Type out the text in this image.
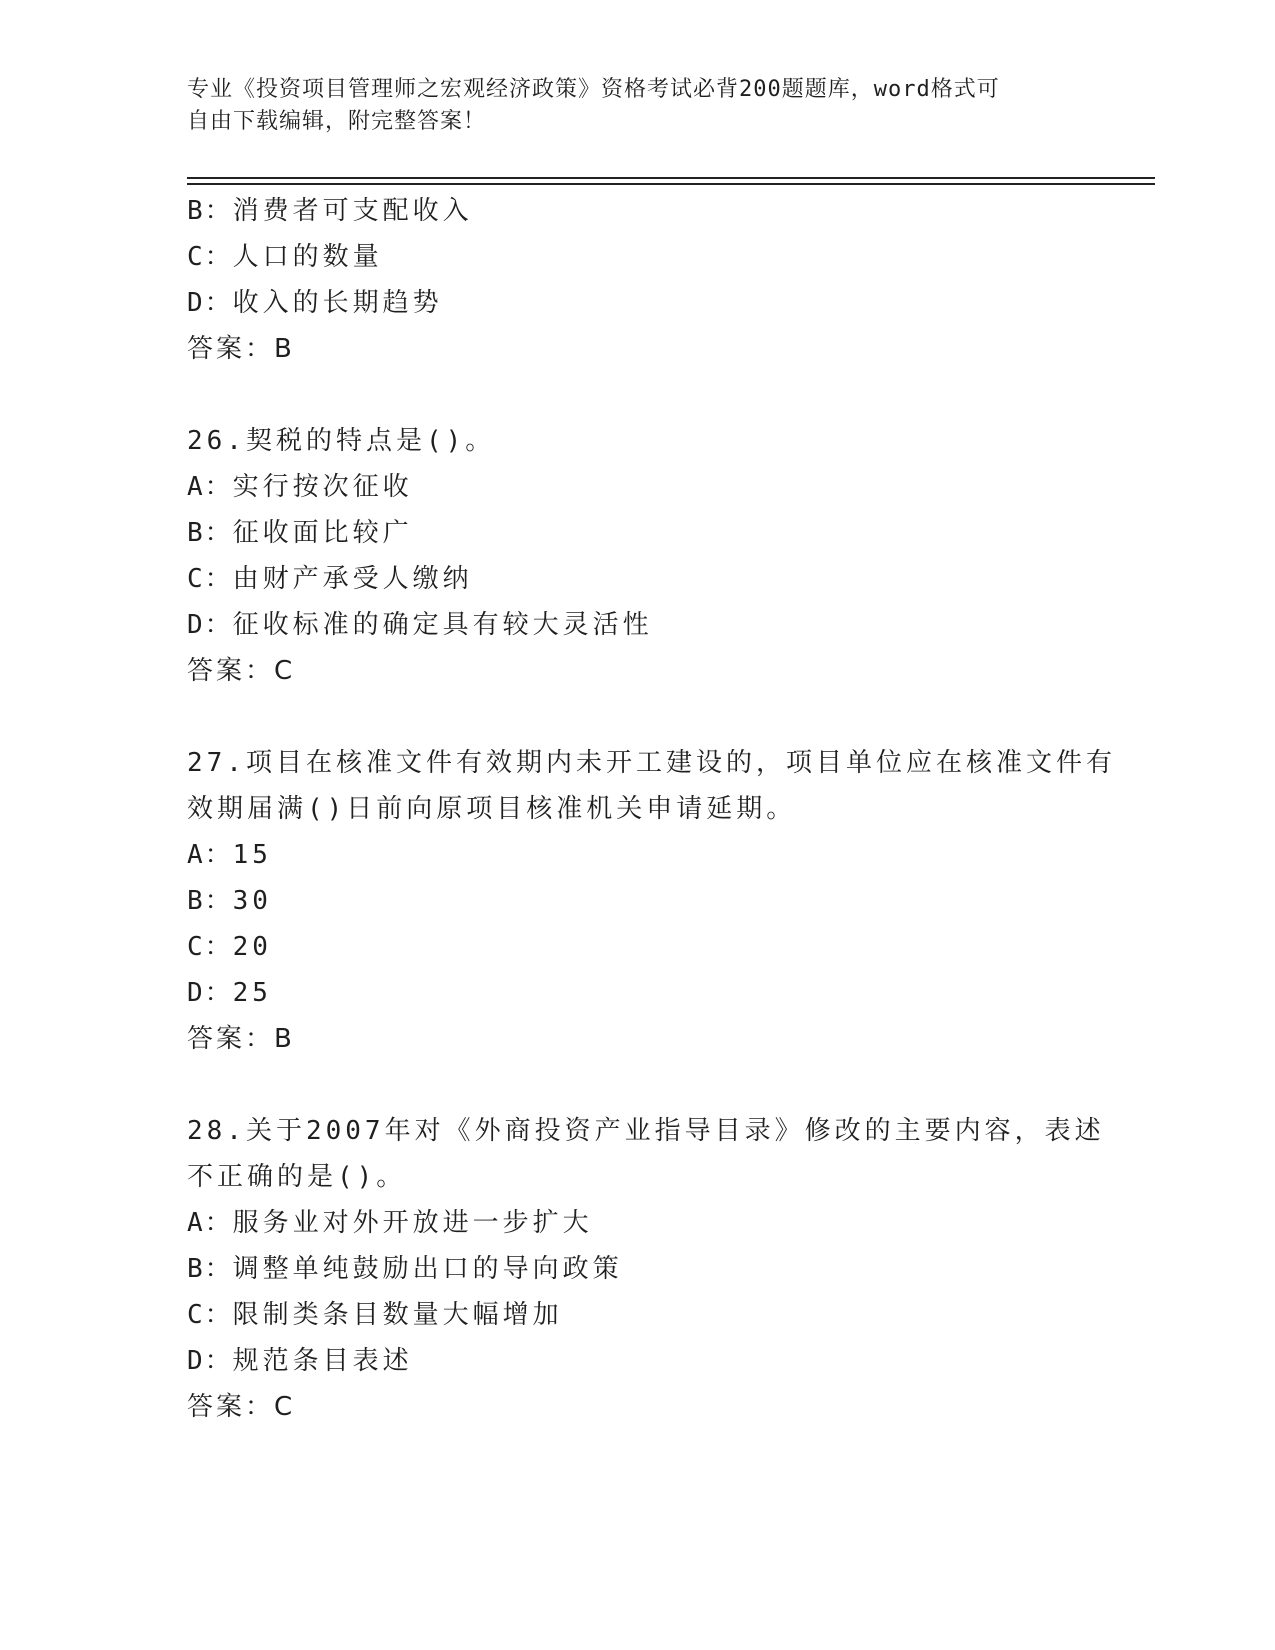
专业《投资项目管理师之宏观经济政策》资格考试必背200题题库，word格式可
自由下载编辑，附完整答案！
B：消费者可支配收入
C：人口的数量
D：收入的长期趋势
答案：B
26.契税的特点是()。
A：实行按次征收
B：征收面比较广
C：由财产承受人缴纳
D：征收标准的确定具有较大灵活性
答案：C
27.项目在核准文件有效期内未开工建设的，项目单位应在核准文件有
效期届满()日前向原项目核准机关申请延期。
A：15
B：30
C：20
D：25
答案：B
28.关于2007年对《外商投资产业指导目录》修改的主要内容，表述
不正确的是()。
A：服务业对外开放进一步扩大
B：调整单纯鼓励出口的导向政策
C：限制类条目数量大幅增加
D：规范条目表述
答案：C
